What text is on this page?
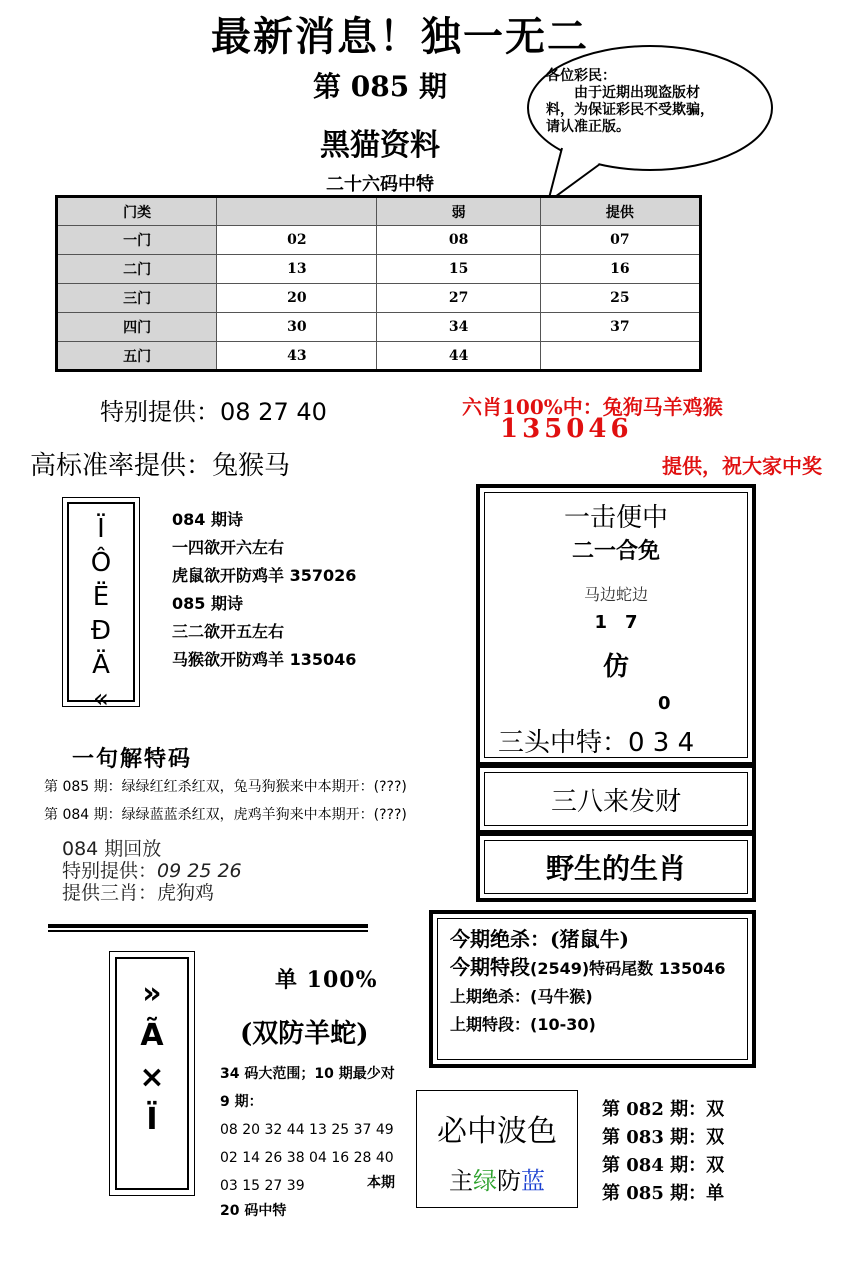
最新消息！独一无二
第 085 期
黑猫资料
二十六码中特
各位彩民：
　　由于近期出现盗版材料，为保证彩民不受欺骗，请认准正版。
门类		弱	提供
一门	02	08	07
二门	13	15	16
三门	20	27	25
四门	30	34	37
五门	43	44	
特别提供：08 27 40	六肖100%中：兔狗马羊鸡猴
135046
高标准率提供：兔猴马	提供，祝大家中奖
Ï
Ô
Ë
Ð
Ä
«
084 期诗
一四欲开六左右
虎鼠欲开防鸡羊 357026
085 期诗
三二欲开五左右
马猴欲开防鸡羊 135046
一击便中
二一合免
马边蛇边
1　7
仿
0
三头中特：0 3 4
三八来发财
野生的生肖
一句解特码
第 085 期：绿绿红红杀红双，兔马狗猴来中本期开：(???)
第 084 期：绿绿蓝蓝杀红双，虎鸡羊狗来中本期开：(???)
084 期回放
特别提供：09 25 26
提供三肖：虎狗鸡
今期绝杀：(猪鼠牛)
今期特段(2549)特码尾数 135046
上期绝杀：(马牛猴)
上期特段：(10-30)
»
Ã
×
Ï
单 100%
(双防羊蛇)
34 码大范围；10 期最少对
9 期：
08 20 32 44 13 25 37 49
02 14 26 38 04 16 28 40
03 15 27 39	本期
20 码中特
必中波色
主绿防蓝
第 082 期：双
第 083 期：双
第 084 期：双
第 085 期：单
